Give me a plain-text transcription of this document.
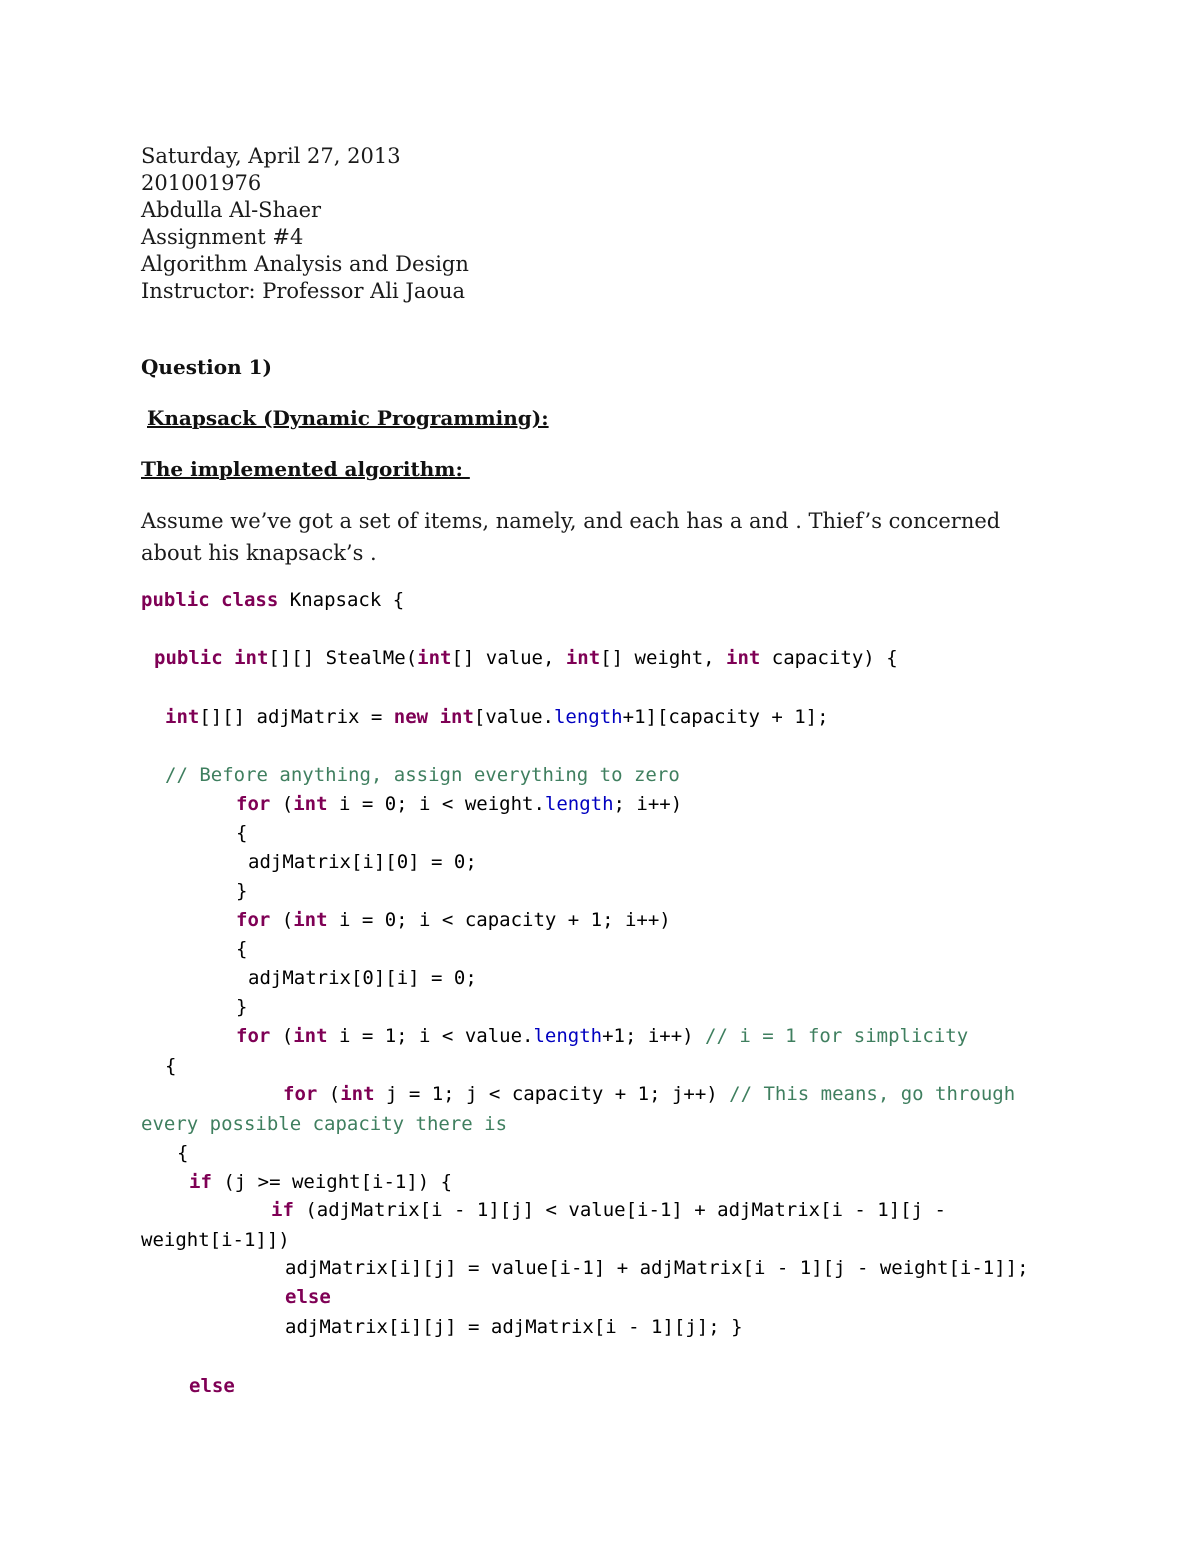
Saturday, April 27, 2013
201001976
Abdulla Al-Shaer
Assignment #4
Algorithm Analysis and Design
Instructor: Professor Ali Jaoua
Question 1)
Knapsack (Dynamic Programming):
The implemented algorithm:
Assume we’ve got a set of items, namely, and each has a and . Thief’s concerned about his knapsack’s .
public class Knapsack {
public int[][] StealMe(int[] value, int[] weight, int capacity) {
int[][] adjMatrix = new int[value.length+1][capacity + 1];
// Before anything, assign everything to zero
for (int i = 0; i < weight.length; i++)
{
adjMatrix[i][0] = 0;
}
for (int i = 0; i < capacity + 1; i++)
{
adjMatrix[0][i] = 0;
}
for (int i = 1; i < value.length+1; i++) // i = 1 for simplicity
{
for (int j = 1; j < capacity + 1; j++) // This means, go through
every possible capacity there is
{
if (j >= weight[i-1]) {
if (adjMatrix[i - 1][j] < value[i-1] + adjMatrix[i - 1][j -
weight[i-1]])
adjMatrix[i][j] = value[i-1] + adjMatrix[i - 1][j - weight[i-1]];
else
adjMatrix[i][j] = adjMatrix[i - 1][j]; }
else
